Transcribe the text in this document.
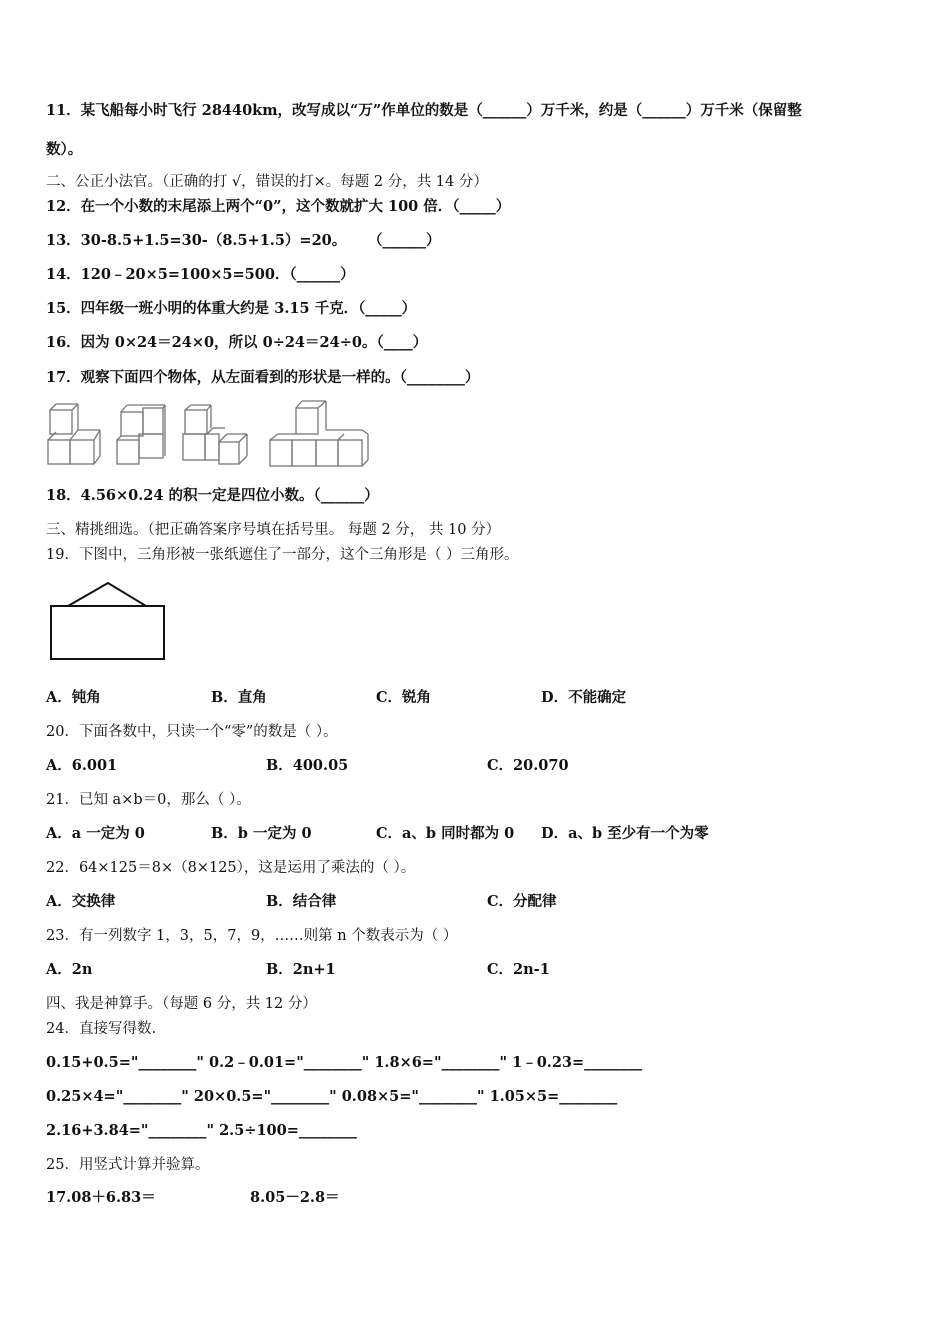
11．某飞船每小时飞行 28440km，改写成以“万”作单位的数是（______）万千米，约是（______）万千米（保留整
数）。
二、公正小法官。（正确的打 √，错误的打×。每题 2 分，共 14 分）
12．在一个小数的末尾添上两个“0”，这个数就扩大 100 倍．（_____）
13．30-8.5+1.5=30-（8.5+1.5）=20。 （______）
14．120﹣20×5=100×5=500．（______）
15．四年级一班小明的体重大约是 3.15 千克．（_____）
16．因为 0×24＝24×0，所以 0÷24＝24÷0。（____）
17．观察下面四个物体，从左面看到的形状是一样的。（________）
18．4.56×0.24 的积一定是四位小数。（______）
三、精挑细选。（把正确答案序号填在括号里。 每题 2 分， 共 10 分）
19．下图中，三角形被一张纸遮住了一部分，这个三角形是（ ）三角形。
A．钝角	B．直角	C．锐角	D．不能确定
20．下面各数中，只读一个“零”的数是（ ）。
A．6.001	B．400.05	C．20.070
21．已知 a×b＝0，那么（ ）。
A．a 一定为 0	B．b 一定为 0	C．a、b 同时都为 0 D．a、b 至少有一个为零
22．64×125＝8×（8×125），这是运用了乘法的（ ）。
A．交换律	B．结合律	C．分配律
23．有一列数字 1，3，5，7，9，……则第 n 个数表示为（ ）
A．2n	B．2n+1	C．2n-1
四、我是神算手。（每题 6 分，共 12 分）
24．直接写得数.
0.15+0.5="________" 0.2﹣0.01="________" 1.8×6="________" 1﹣0.23=________
0.25×4="________" 20×0.5="________" 0.08×5="________" 1.05×5=________
2.16+3.84="________" 2.5÷100=________
25．用竖式计算并验算。
17.08＋6.83＝	8.05－2.8＝
